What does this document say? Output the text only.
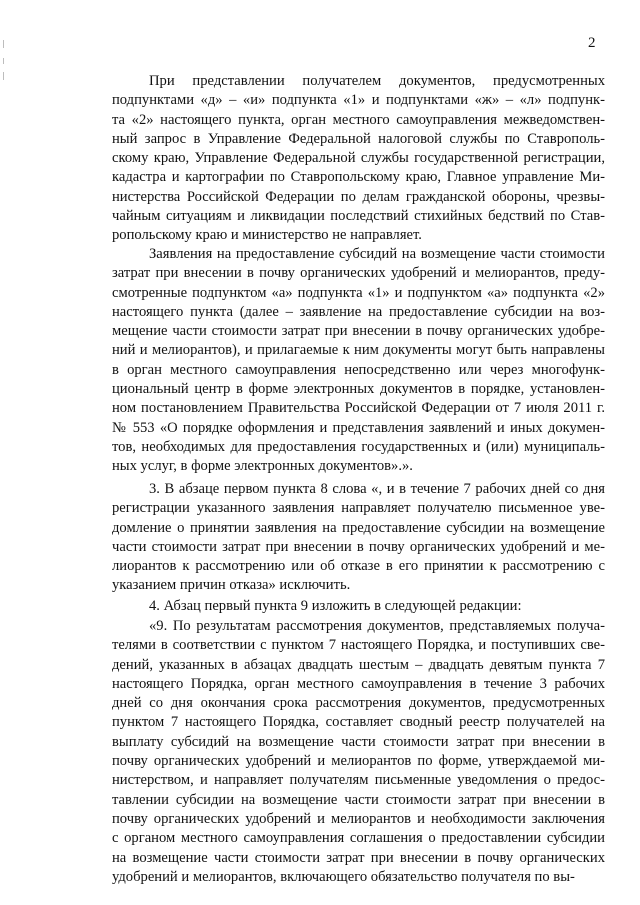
2
При представлении получателем документов, предусмотренных
подпунктами «д» – «и» подпункта «1» и подпунктами «ж» – «л» подпунк-
та «2» настоящего пункта, орган местного самоуправления межведомствен-
ный запрос в Управление Федеральной налоговой службы по Ставрополь-
скому краю, Управление Федеральной службы государственной регистрации,
кадастра и картографии по Ставропольскому краю, Главное управление Ми-
нистерства Российской Федерации по делам гражданской обороны, чрезвы-
чайным ситуациям и ликвидации последствий стихийных бедствий по Став-
ропольскому краю и министерство не направляет.
Заявления на предоставление субсидий на возмещение части стоимости
затрат при внесении в почву органических удобрений и мелиорантов, преду-
смотренные подпунктом «а» подпункта «1» и подпунктом «а» подпункта «2»
настоящего пункта (далее – заявление на предоставление субсидии на воз-
мещение части стоимости затрат при внесении в почву органических удобре-
ний и мелиорантов), и прилагаемые к ним документы могут быть направлены
в орган местного самоуправления непосредственно или через многофунк-
циональный центр в форме электронных документов в порядке, установлен-
ном постановлением Правительства Российской Федерации от 7 июля 2011 г.
№ 553 «О порядке оформления и представления заявлений и иных докумен-
тов, необходимых для предоставления государственных и (или) муниципаль-
ных услуг, в форме электронных документов».».
3. В абзаце первом пункта 8 слова «, и в течение 7 рабочих дней со дня
регистрации указанного заявления направляет получателю письменное уве-
домление о принятии заявления на предоставление субсидии на возмещение
части стоимости затрат при внесении в почву органических удобрений и ме-
лиорантов к рассмотрению или об отказе в его принятии к рассмотрению с
указанием причин отказа» исключить.
4. Абзац первый пункта 9 изложить в следующей редакции:
«9. По результатам рассмотрения документов, представляемых получа-
телями в соответствии с пунктом 7 настоящего Порядка, и поступивших све-
дений, указанных в абзацах двадцать шестым – двадцать девятым пункта 7
настоящего Порядка, орган местного самоуправления в течение 3 рабочих
дней со дня окончания срока рассмотрения документов, предусмотренных
пунктом 7 настоящего Порядка, составляет сводный реестр получателей на
выплату субсидий на возмещение части стоимости затрат при внесении в
почву органических удобрений и мелиорантов по форме, утверждаемой ми-
нистерством, и направляет получателям письменные уведомления о предос-
тавлении субсидии на возмещение части стоимости затрат при внесении в
почву органических удобрений и мелиорантов и необходимости заключения
с органом местного самоуправления соглашения о предоставлении субсидии
на возмещение части стоимости затрат при внесении в почву органических
удобрений и мелиорантов, включающего обязательство получателя по вы-
